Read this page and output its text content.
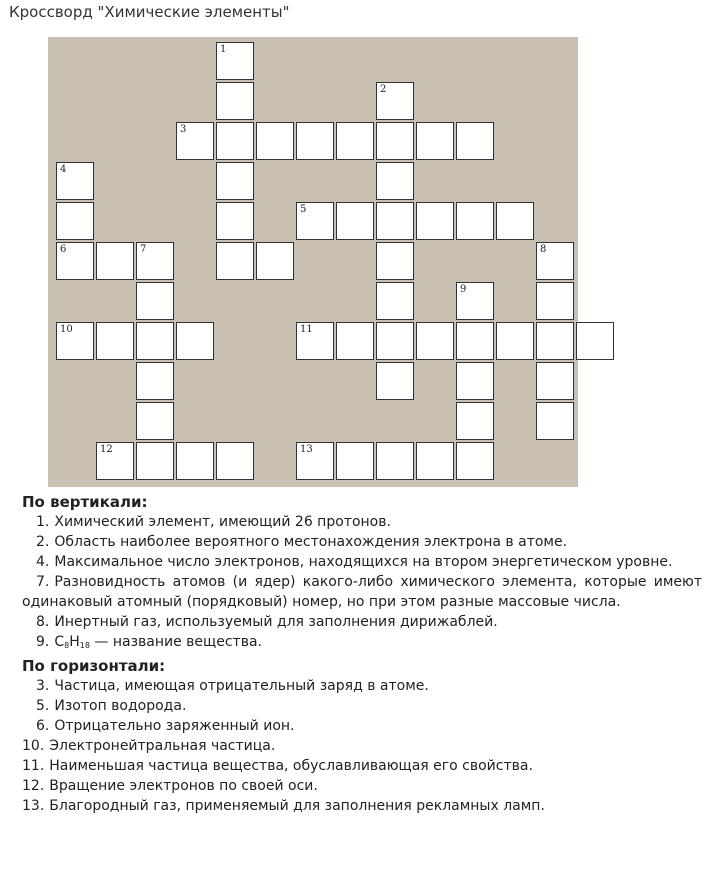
Кроссворд "Химические элементы"
1
2
3
4
6
5
7	8
9
10	11
12	13
По вертикали:
1. Химический элемент, имеющий 26 протонов.
2. Область наиболее вероятного местонахождения электрона в атоме.
4. Максимальное число электронов, находящихся на втором энергетическом уровне.
7. Разновидность атомов (и ядер) какого-либо химического элемента, которые имеют одинаковый атомный (порядковый) номер, но при этом разные массовые числа.
8. Инертный газ, используемый для заполнения дирижаблей.
9. $C_8H_{18}$ — название вещества.
По горизонтали:
3. Частица, имеющая отрицательный заряд в атоме.
5. Изотоп водорода.
6. Отрицательно заряженный ион.
10. Электронейтральная частица.
11. Наименьшая частица вещества, обуславливающая его свойства.
12. Вращение электронов по своей оси.
13. Благородный газ, применяемый для заполнения рекламных ламп.
